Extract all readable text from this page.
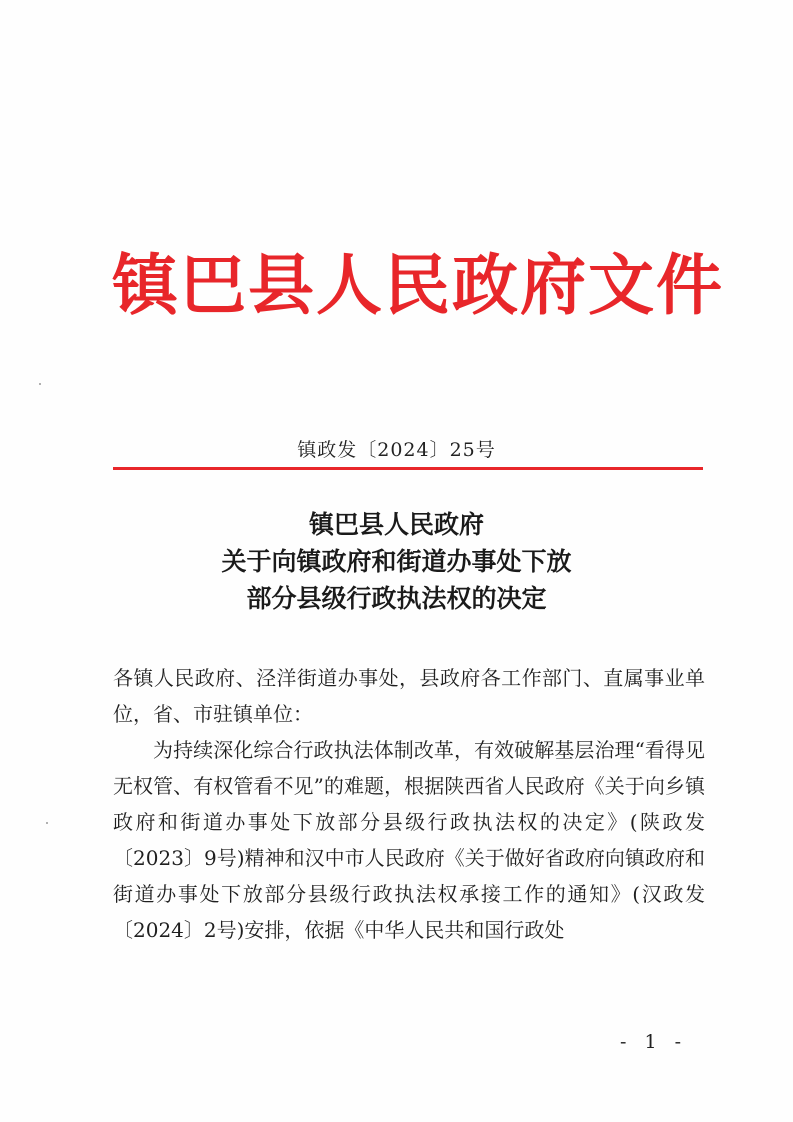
镇巴县人民政府文件
镇政发〔2024〕25号
镇巴县人民政府
关于向镇政府和街道办事处下放
部分县级行政执法权的决定

各镇人民政府、泾洋街道办事处，县政府各工作部门、直属事业单位，省、市驻镇单位：

为持续深化综合行政执法体制改革，有效破解基层治理“看得见无权管、有权管看不见”的难题，根据陕西省人民政府《关于向乡镇政府和街道办事处下放部分县级行政执法权的决定》(陕政发〔2023〕9号)精神和汉中市人民政府《关于做好省政府向镇政府和街道办事处下放部分县级行政执法权承接工作的通知》(汉政发〔2024〕2号)安排，依据《中华人民共和国行政处

- 1 -
